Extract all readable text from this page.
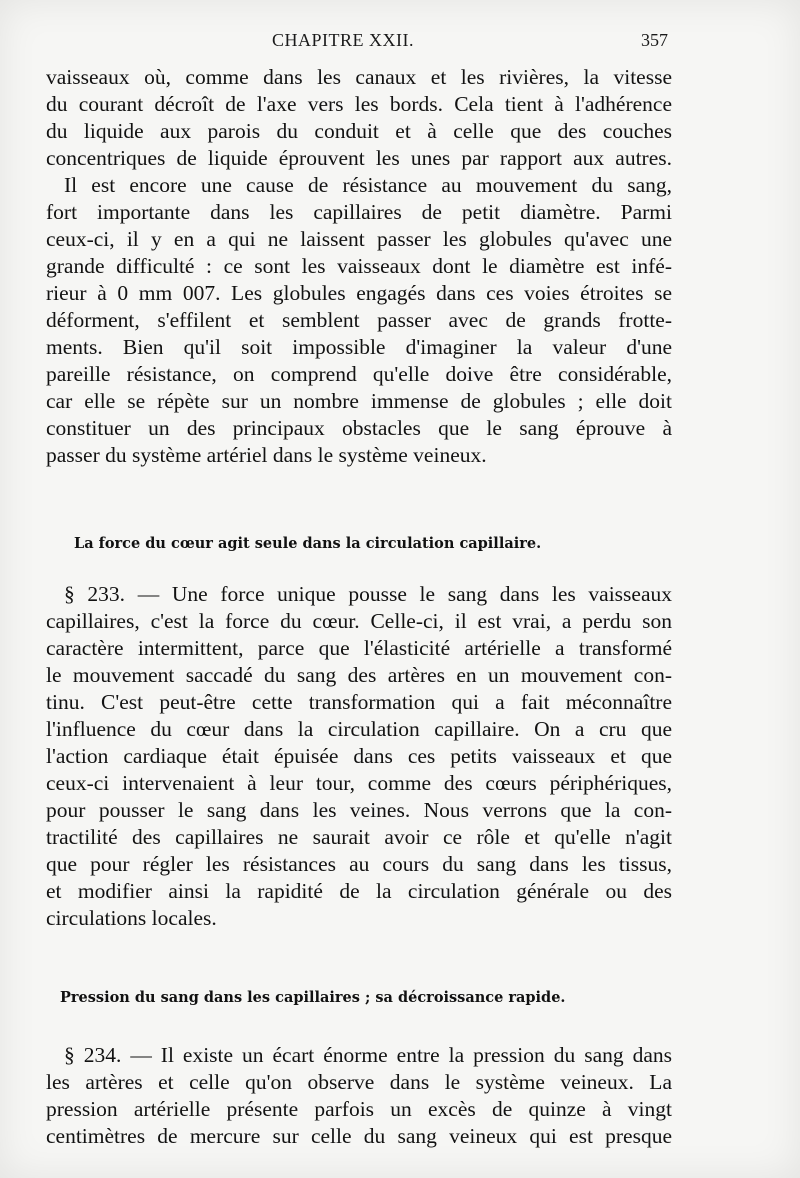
CHAPITRE XXII.	357
vaisseaux où, comme dans les canaux et les rivières, la vitesse
du courant décroît de l'axe vers les bords. Cela tient à l'adhérence
du liquide aux parois du conduit et à celle que des couches
concentriques de liquide éprouvent les unes par rapport aux autres.
Il est encore une cause de résistance au mouvement du sang,
fort importante dans les capillaires de petit diamètre. Parmi
ceux-ci, il y en a qui ne laissent passer les globules qu'avec une
grande difficulté : ce sont les vaisseaux dont le diamètre est infé-
rieur à 0 mm 007. Les globules engagés dans ces voies étroites se
déforment, s'effilent et semblent passer avec de grands frotte-
ments. Bien qu'il soit impossible d'imaginer la valeur d'une
pareille résistance, on comprend qu'elle doive être considérable,
car elle se répète sur un nombre immense de globules ; elle doit
constituer un des principaux obstacles que le sang éprouve à
passer du système artériel dans le système veineux.
La force du cœur agit seule dans la circulation capillaire.
§ 233. — Une force unique pousse le sang dans les vaisseaux
capillaires, c'est la force du cœur. Celle-ci, il est vrai, a perdu son
caractère intermittent, parce que l'élasticité artérielle a transformé
le mouvement saccadé du sang des artères en un mouvement con-
tinu. C'est peut-être cette transformation qui a fait méconnaître
l'influence du cœur dans la circulation capillaire. On a cru que
l'action cardiaque était épuisée dans ces petits vaisseaux et que
ceux-ci intervenaient à leur tour, comme des cœurs périphériques,
pour pousser le sang dans les veines. Nous verrons que la con-
tractilité des capillaires ne saurait avoir ce rôle et qu'elle n'agit
que pour régler les résistances au cours du sang dans les tissus,
et modifier ainsi la rapidité de la circulation générale ou des
circulations locales.
Pression du sang dans les capillaires ; sa décroissance rapide.
§ 234. — Il existe un écart énorme entre la pression du sang dans
les artères et celle qu'on observe dans le système veineux. La
pression artérielle présente parfois un excès de quinze à vingt
centimètres de mercure sur celle du sang veineux qui est presque
